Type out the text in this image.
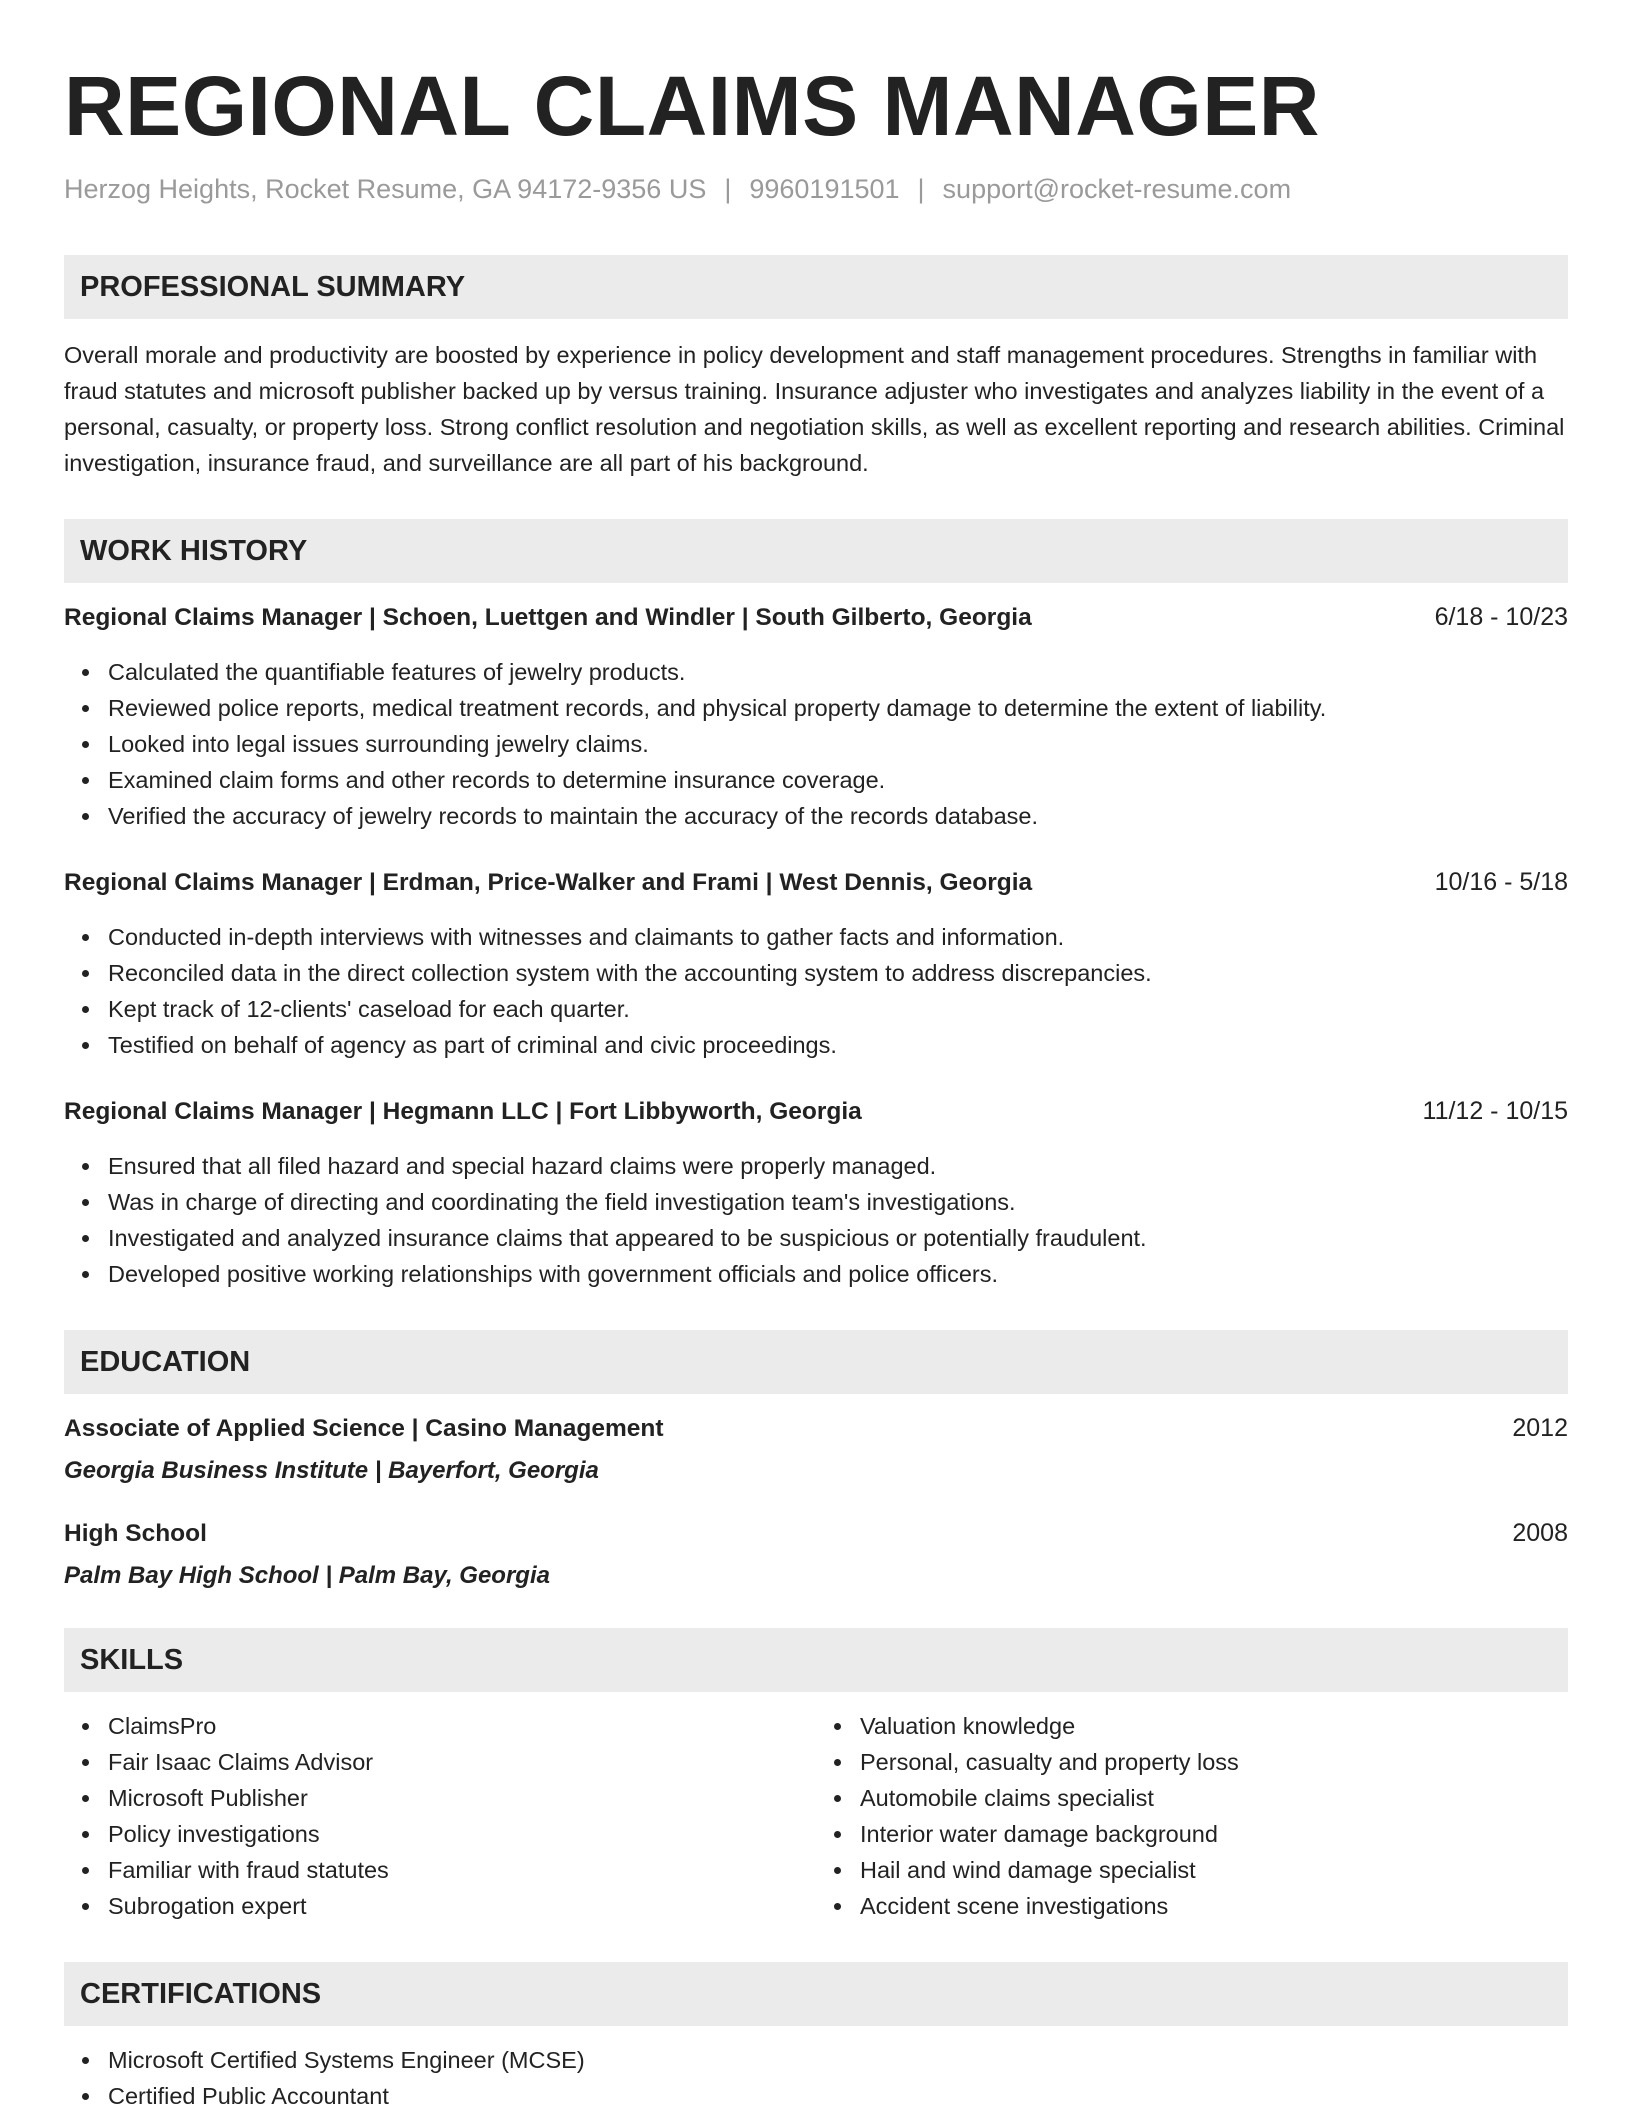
REGIONAL CLAIMS MANAGER
Herzog Heights, Rocket Resume, GA 94172-9356 US | 9960191501 | support@rocket-resume.com
PROFESSIONAL SUMMARY
Overall morale and productivity are boosted by experience in policy development and staff management procedures. Strengths in familiar with fraud statutes and microsoft publisher backed up by versus training. Insurance adjuster who investigates and analyzes liability in the event of a personal, casualty, or property loss. Strong conflict resolution and negotiation skills, as well as excellent reporting and research abilities. Criminal investigation, insurance fraud, and surveillance are all part of his background.
WORK HISTORY
Regional Claims Manager | Schoen, Luettgen and Windler | South Gilberto, Georgia	6/18 - 10/23
Calculated the quantifiable features of jewelry products.
Reviewed police reports, medical treatment records, and physical property damage to determine the extent of liability.
Looked into legal issues surrounding jewelry claims.
Examined claim forms and other records to determine insurance coverage.
Verified the accuracy of jewelry records to maintain the accuracy of the records database.
Regional Claims Manager | Erdman, Price-Walker and Frami | West Dennis, Georgia	10/16 - 5/18
Conducted in-depth interviews with witnesses and claimants to gather facts and information.
Reconciled data in the direct collection system with the accounting system to address discrepancies.
Kept track of 12-clients' caseload for each quarter.
Testified on behalf of agency as part of criminal and civic proceedings.
Regional Claims Manager | Hegmann LLC | Fort Libbyworth, Georgia	11/12 - 10/15
Ensured that all filed hazard and special hazard claims were properly managed.
Was in charge of directing and coordinating the field investigation team's investigations.
Investigated and analyzed insurance claims that appeared to be suspicious or potentially fraudulent.
Developed positive working relationships with government officials and police officers.
EDUCATION
Associate of Applied Science | Casino Management	2012
Georgia Business Institute | Bayerfort, Georgia
High School	2008
Palm Bay High School | Palm Bay, Georgia
SKILLS
ClaimsPro
Fair Isaac Claims Advisor
Microsoft Publisher
Policy investigations
Familiar with fraud statutes
Subrogation expert
Valuation knowledge
Personal, casualty and property loss
Automobile claims specialist
Interior water damage background
Hail and wind damage specialist
Accident scene investigations
CERTIFICATIONS
Microsoft Certified Systems Engineer (MCSE)
Certified Public Accountant
